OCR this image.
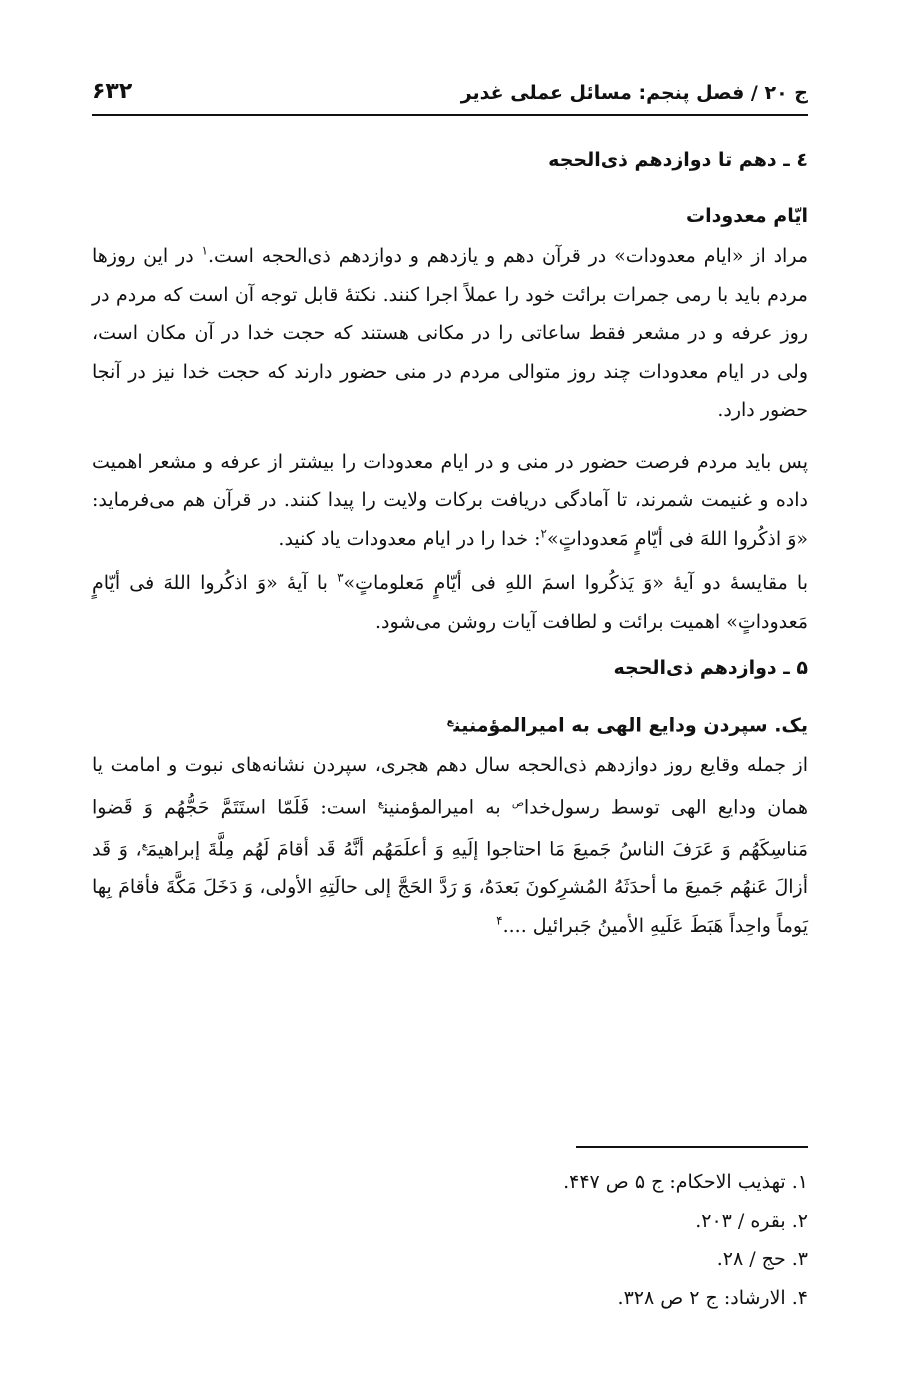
ج ۲۰ / فصل پنجم: مسائل عملی غدیر
۶۳۲
٤ ـ دهم تا دوازدهم ذی‌الحجه
ایّام معدودات

مراد از «ایام معدودات» در قرآن دهم و یازدهم و دوازدهم ذی‌الحجه است.$^۱$ در این روزها مردم باید با رمی جمرات برائت خود را عملاً اجرا کنند. نکتۀ قابل توجه آن است که مردم در روز عرفه و در مشعر فقط ساعاتی را در مکانی هستند که حجت خدا در آن مکان است، ولی در ایام معدودات چند روز متوالی مردم در منی حضور دارند که حجت خدا نیز در آنجا حضور دارد.

پس باید مردم فرصت حضور در منی و در ایام معدودات را بیشتر از عرفه و مشعر اهمیت داده و غنیمت شمرند، تا آمادگی دریافت برکات ولایت را پیدا کنند. در قرآن هم می‌فرماید: «وَ اذكُروا اللهَ فی أيّامٍ مَعدوداتٍ»$^۲$: خدا را در ایام معدودات یاد کنید.

با مقایسۀ دو آیۀ «وَ يَذكُروا اسمَ اللهِ فی أيّامٍ مَعلوماتٍ»$^۳$ با آیۀ «وَ اذكُروا اللهَ فی أيّامٍ مَعدوداتٍ» اهمیت برائت و لطافت آیات روشن می‌شود.

۵ ـ دوازدهم ذی‌الحجه
یک. سپردن ودایع الهی به امیرالمؤمنین$^ع$

از جمله وقایع روز دوازدهم ذی‌الحجه سال دهم هجری، سپردن نشانه‌های نبوت و امامت یا همان ودایع الهی توسط رسول‌خدا$^ص$ به امیرالمؤمنین$^ع$ است: فَلَمّا استَتَمَّ حَجُّهُم وَ قَضوا مَناسِكَهُم وَ عَرَفَ الناسُ جَميعَ مَا احتاجوا إلَيهِ وَ أعلَمَهُم أنَّهُ قَد أقامَ لَهُم مِلَّةَ إبراهيمَ$^ع$، وَ قَد أزالَ عَنهُم جَميعَ ما أحدَثَهُ المُشرِكونَ بَعدَهُ، وَ رَدَّ الحَجَّ إلى حالَتِهِ الأولى، وَ دَخَلَ مَكَّةَ فأقامَ بِها يَوماً واحِداً هَبَطَ عَلَيهِ الأمينُ جَبرائيل ....$^۴$

۱. تهذیب الاحکام: ج ۵ ص ۴۴۷.

۲. بقره / ۲۰۳.

۳. حج / ۲۸.

۴. الارشاد: ج ۲ ص ۳۲۸.
